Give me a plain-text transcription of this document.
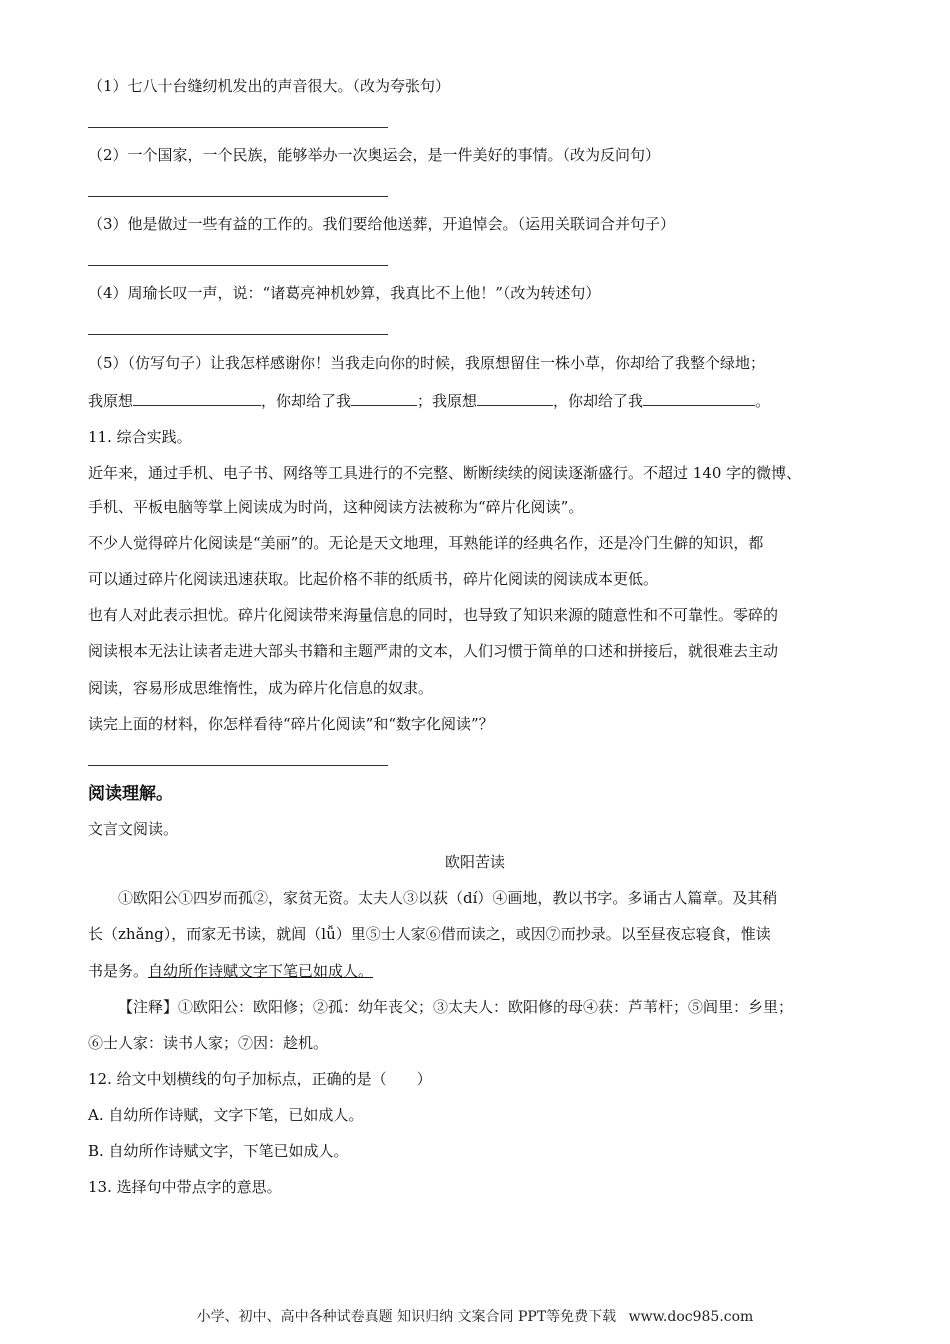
（1）七八十台缝纫机发出的声音很大。（改为夸张句）
（2）一个国家，一个民族，能够举办一次奥运会，是一件美好的事情。（改为反问句）
（3）他是做过一些有益的工作的。我们要给他送葬，开追悼会。（运用关联词合并句子）
（4）周瑜长叹一声，说：“诸葛亮神机妙算，我真比不上他！”（改为转述句）
（5）（仿写句子）让我怎样感谢你！当我走向你的时候，我原想留住一株小草，你却给了我整个绿地；
我原想	，你却给了我	；我原想	，你却给了我	。
11. 综合实践。
近年来，通过手机、电子书、网络等工具进行的不完整、断断续续的阅读逐渐盛行。不超过 140 字的微博、
手机、平板电脑等掌上阅读成为时尚，这种阅读方法被称为“碎片化阅读”。
不少人觉得碎片化阅读是“美丽”的。无论是天文地理，耳熟能详的经典名作，还是冷门生僻的知识，都
可以通过碎片化阅读迅速获取。比起价格不菲的纸质书，碎片化阅读的阅读成本更低。
也有人对此表示担忧。碎片化阅读带来海量信息的同时，也导致了知识来源的随意性和不可靠性。零碎的
阅读根本无法让读者走进大部头书籍和主题严肃的文本，人们习惯于简单的口述和拼接后，就很难去主动
阅读，容易形成思维惰性，成为碎片化信息的奴隶。
读完上面的材料，你怎样看待“碎片化阅读”和“数字化阅读”？
阅读理解。
文言文阅读。
欧阳苦读
①欧阳公①四岁而孤②，家贫无资。太夫人③以荻（dí）④画地，教以书字。多诵古人篇章。及其稍
长（zhǎng），而家无书读，就闾（lǚ）里⑤士人家⑥借而读之，或因⑦而抄录。以至昼夜忘寝食，惟读
书是务。自幼所作诗赋文字下笔已如成人。
【注释】①欧阳公：欧阳修；②孤：幼年丧父；③太夫人：欧阳修的母④获：芦苇杆；⑤闾里：乡里；
⑥士人家：读书人家；⑦因：趁机。
12. 给文中划横线的句子加标点，正确的是（　　）
A. 自幼所作诗赋，文字下笔，已如成人。
B. 自幼所作诗赋文字，下笔已如成人。
13. 选择句中带点字的意思。
小学、初中、高中各种试卷真题 知识归纳 文案合同 PPT等免费下载 www.doc985.com
